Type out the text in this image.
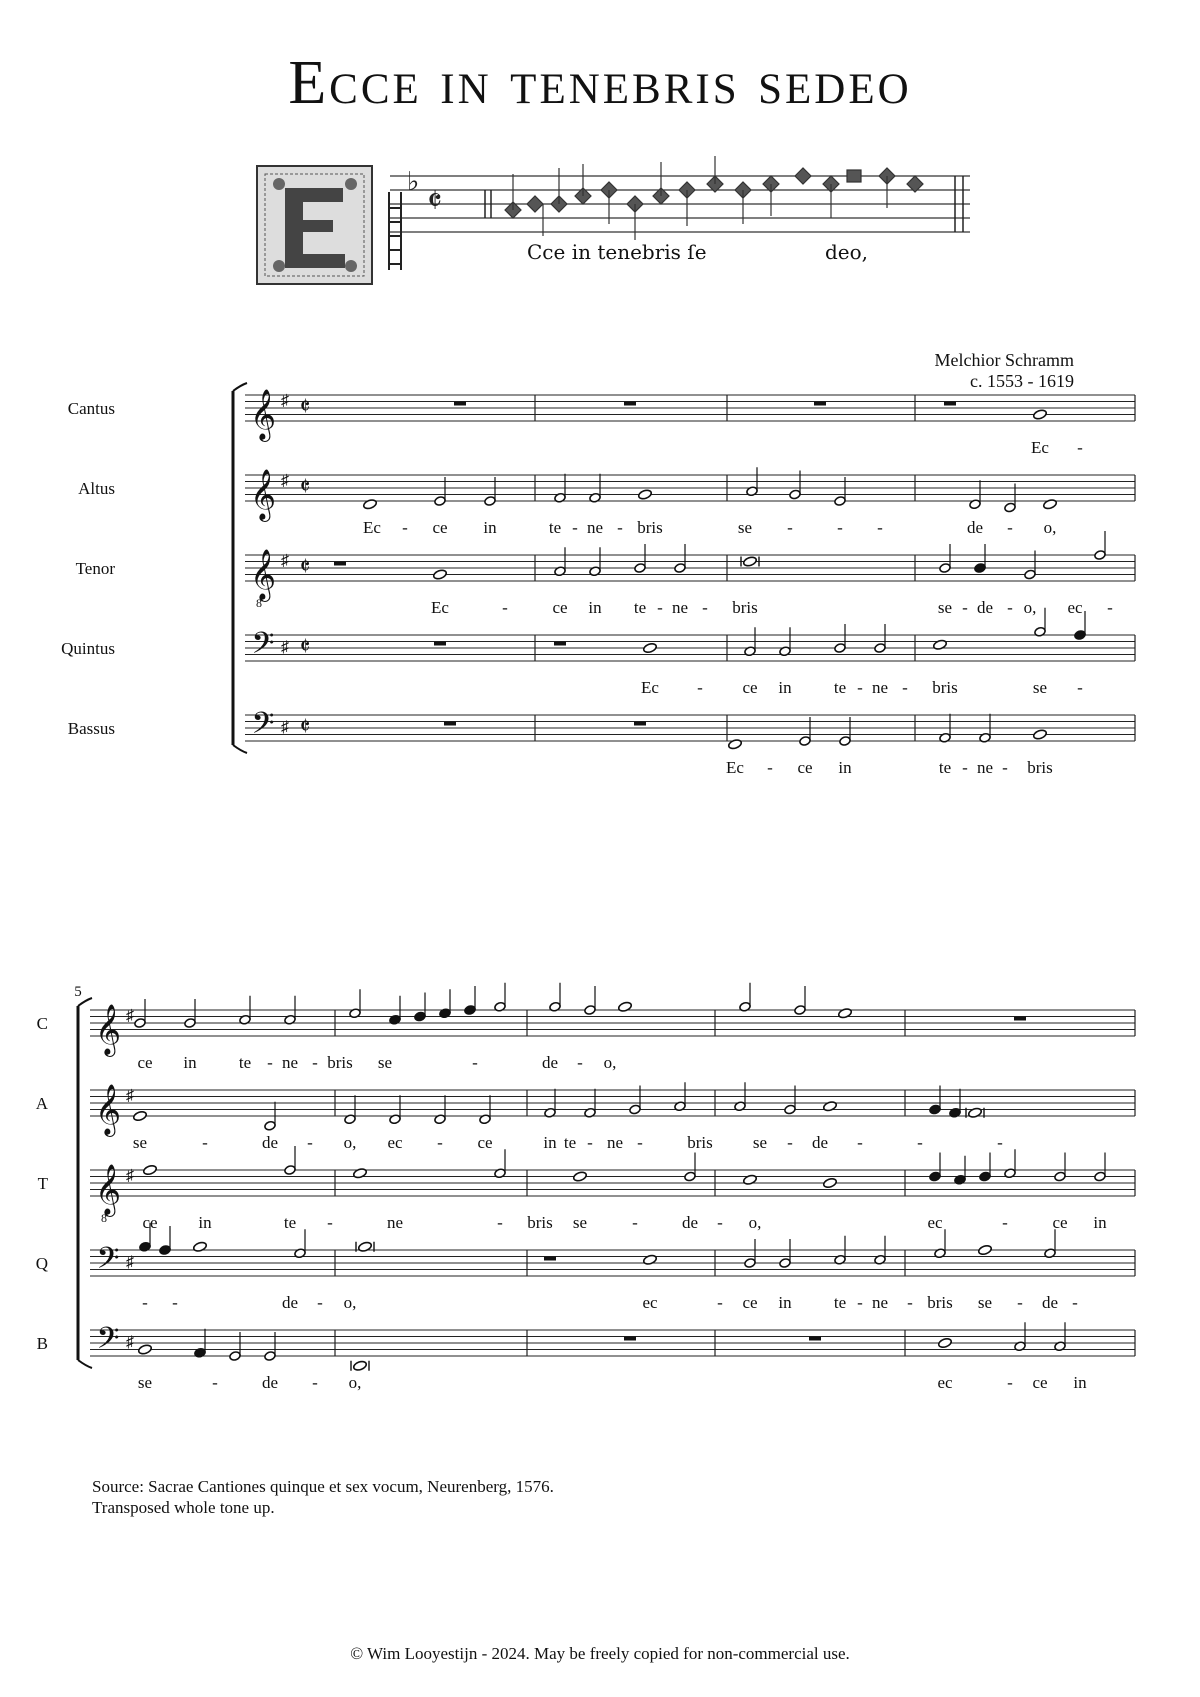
Ecce in tenebris sedeo
♭
𝄵
Cce in tenebris ſe	deo,
Melchior Schramm
c. 1553 - 1619
Cantus	𝄞 ♯ 𝄵
Ec -
Altus	𝄞 ♯ 𝄵
Ec - ce in	te - ne - bris	se -	- -	de - o,
Tenor	𝄞
8
♯ 𝄵
Ec	-	ce in te - ne - bris	se - de - o, ec -
Quintus	𝄢 ♯ 𝄵
Ec - ce in te - ne - bris	se -
Bassus	𝄢 ♯ 𝄵
Ec - ce in	te - ne - bris
C 𝄞 ♯
ce in te - ne - bris se	-	de - o,
A 𝄞 ♯
se	-	de - o, ec - ce	in te - ne -	bris se - de -	-	-
T 𝄞
8
♯
ce in	te -	ne	- bris se	-	de - o,	ec	-	ce in
Q 𝄢 ♯
- -	de - o,	ec	- ce in te - ne - bris se - de -
B 𝄢 ♯
se	-	de - o,	ec	- ce in
5
Source: Sacrae Cantiones quinque et sex vocum, Neurenberg, 1576.
Transposed whole tone up.
© Wim Looyestijn - 2024. May be freely copied for non-commercial use.
